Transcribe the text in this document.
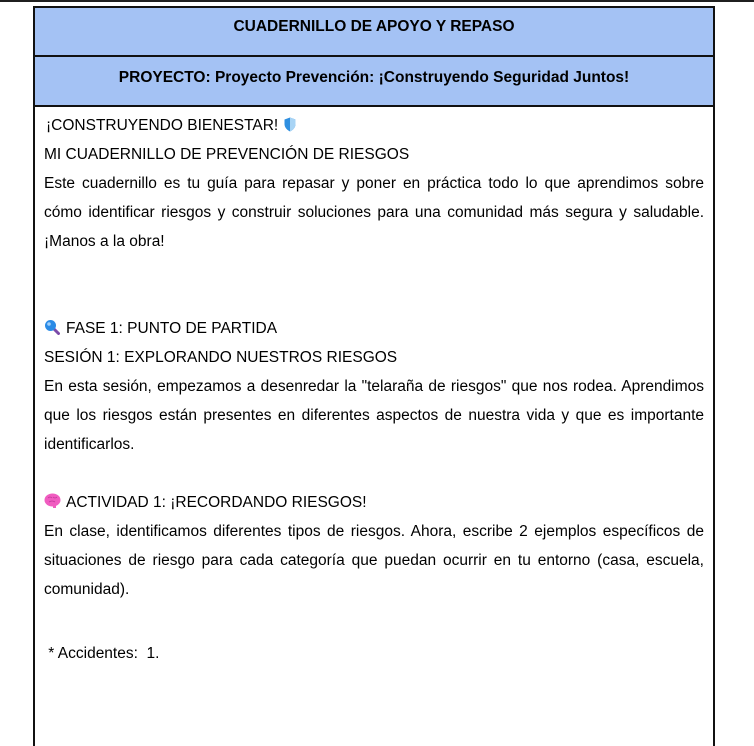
CUADERNILLO DE APOYO Y REPASO
PROYECTO: Proyecto Prevención: ¡Construyendo Seguridad Juntos!

¡CONSTRUYENDO BIENESTAR!

MI CUADERNILLO DE PREVENCIÓN DE RIESGOS

Este cuadernillo es tu guía para repasar y poner en práctica todo lo que aprendimos sobre cómo identificar riesgos y construir soluciones para una comunidad más segura y saludable. ¡Manos a la obra!

FASE 1: PUNTO DE PARTIDA

SESIÓN 1: EXPLORANDO NUESTROS RIESGOS

En esta sesión, empezamos a desenredar la "telaraña de riesgos" que nos rodea. Aprendimos que los riesgos están presentes en diferentes aspectos de nuestra vida y que es importante identificarlos.

ACTIVIDAD 1: ¡RECORDANDO RIESGOS!

En clase, identificamos diferentes tipos de riesgos. Ahora, escribe 2 ejemplos específicos de situaciones de riesgo para cada categoría que puedan ocurrir en tu entorno (casa, escuela, comunidad).

* Accidentes:  1.
